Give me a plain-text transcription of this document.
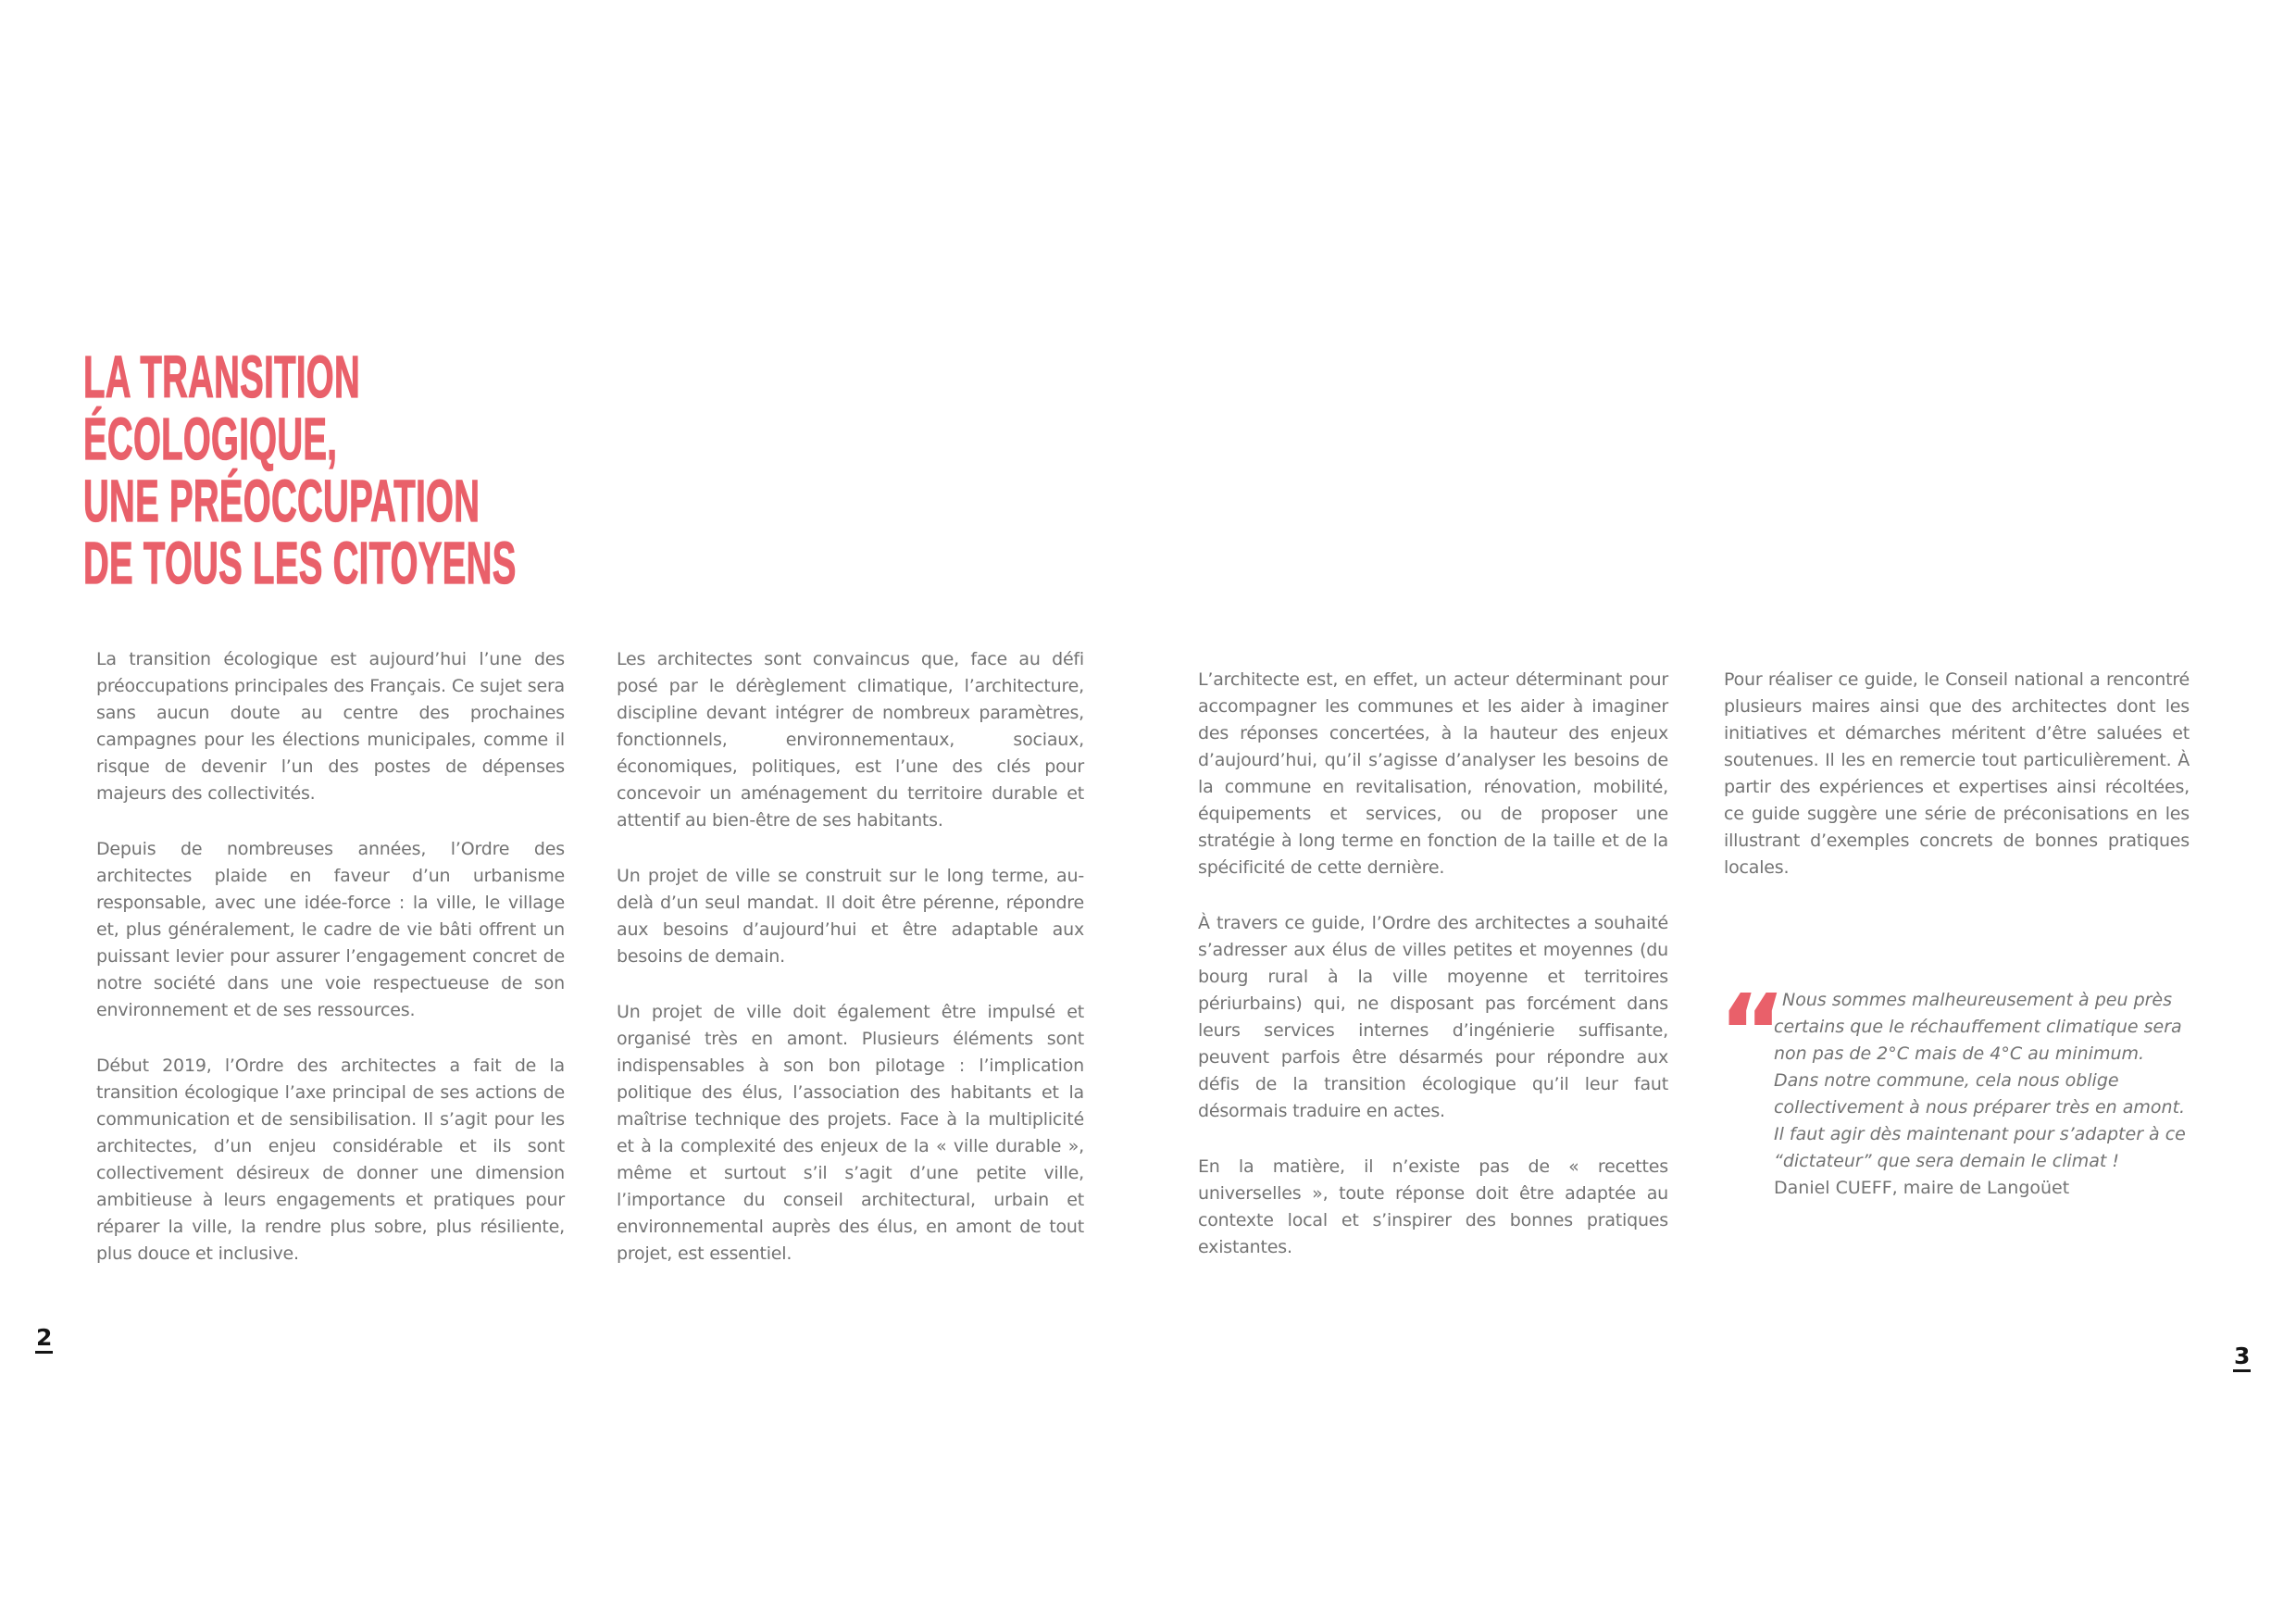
LA TRANSITION
ÉCOLOGIQUE,
UNE PRÉOCCUPATION
DE TOUS LES CITOYENS

La transition écologique est aujourd’hui l’une des préoccupations principales des Français. Ce sujet sera sans aucun doute au centre des prochaines campagnes pour les élections municipales, comme il risque de devenir l’un des postes de dépenses majeurs des collectivités.

Depuis de nombreuses années, l’Ordre des architectes plaide en faveur d’un urbanisme responsable, avec une idée-force : la ville, le village et, plus généralement, le cadre de vie bâti offrent un puissant levier pour assurer l’engagement concret de notre société dans une voie respectueuse de son environnement et de ses ressources.

Début 2019, l’Ordre des architectes a fait de la transition écologique l’axe principal de ses actions de communication et de sensibilisation. Il s’agit pour les architectes, d’un enjeu considérable et ils sont collectivement désireux de donner une dimension ambitieuse à leurs engagements et pratiques pour réparer la ville, la rendre plus sobre, plus résiliente, plus douce et inclusive.

Les architectes sont convaincus que, face au défi posé par le dérèglement climatique, l’architecture, discipline devant intégrer de nombreux paramètres, fonctionnels, environnementaux, sociaux, économiques, politiques, est l’une des clés pour concevoir un aménagement du territoire durable et attentif au bien-être de ses habitants.

Un projet de ville se construit sur le long terme, au-delà d’un seul mandat. Il doit être pérenne, répondre aux besoins d’aujourd’hui et être adaptable aux besoins de demain.

Un projet de ville doit également être impulsé et organisé très en amont. Plusieurs éléments sont indispensables à son bon pilotage : l’implication politique des élus, l’association des habitants et la maîtrise technique des projets. Face à la multiplicité et à la complexité des enjeux de la « ville durable », même et surtout s’il s’agit d’une petite ville, l’importance du conseil architectural, urbain et environnemental auprès des élus, en amont de tout projet, est essentiel.

L’architecte est, en effet, un acteur déterminant pour accompagner les communes et les aider à imaginer des réponses concertées, à la hauteur des enjeux d’aujourd’hui, qu’il s’agisse d’analyser les besoins de la commune en revitalisation, rénovation, mobilité, équipements et services, ou de proposer une stratégie à long terme en fonction de la taille et de la spécificité de cette dernière.

À travers ce guide, l’Ordre des architectes a souhaité s’adresser aux élus de villes petites et moyennes (du bourg rural à la ville moyenne et territoires périurbains) qui, ne disposant pas forcément dans leurs services internes d’ingénierie suffisante, peuvent parfois être désarmés pour répondre aux défis de la transition écologique qu’il leur faut désormais traduire en actes.

En la matière, il n’existe pas de « recettes universelles », toute réponse doit être adaptée au contexte local et s’inspirer des bonnes pratiques existantes.

Pour réaliser ce guide, le Conseil national a rencontré plusieurs maires ainsi que des architectes dont les initiatives et démarches méritent d’être saluées et soutenues. Il les en remercie tout particulièrement. À partir des expériences et expertises ainsi récoltées, ce guide suggère une série de préconisations en les illustrant d’exemples concrets de bonnes pratiques locales.

“
Nous sommes malheureusement à peu près
certains que le réchauffement climatique sera
non pas de 2°C mais de 4°C au minimum.
Dans notre commune, cela nous oblige
collectivement à nous préparer très en amont.
Il faut agir dès maintenant pour s’adapter à ce
“dictateur” que sera demain le climat !
Daniel CUEFF, maire de Langoüet
2
3
